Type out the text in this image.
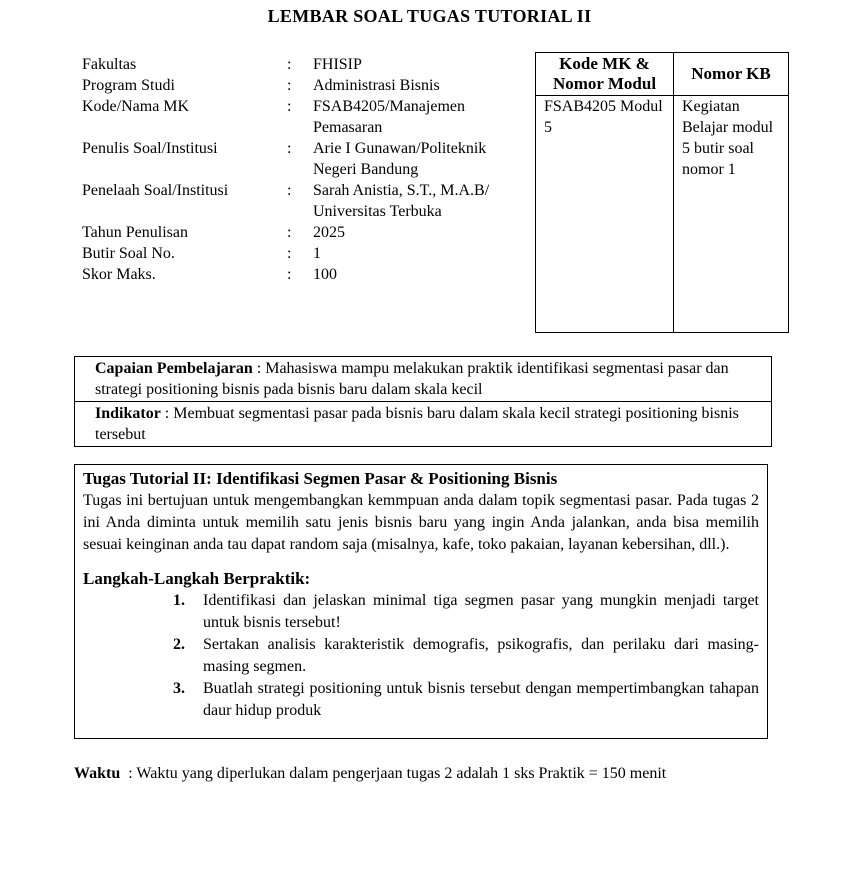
LEMBAR SOAL TUGAS TUTORIAL II
Fakultas	:	FHISIP
Program Studi	:	Administrasi Bisnis
Kode/Nama MK	:	FSAB4205/Manajemen Pemasaran
Penulis Soal/Institusi	:	Arie I Gunawan/Politeknik Negeri Bandung
Penelaah Soal/Institusi	:	Sarah Anistia, S.T., M.A.B/ Universitas Terbuka
Tahun Penulisan	:	2025
Butir Soal No.	:	1
Skor Maks.	:	100
Kode MK & Nomor Modul	Nomor KB
FSAB4205 Modul 5	Kegiatan Belajar modul 5 butir soal nomor 1
Capaian Pembelajaran : Mahasiswa mampu melakukan praktik identifikasi segmentasi pasar dan strategi positioning bisnis pada bisnis baru dalam skala kecil
Indikator : Membuat segmentasi pasar pada bisnis baru dalam skala kecil strategi positioning bisnis tersebut
Tugas Tutorial II: Identifikasi Segmen Pasar & Positioning Bisnis
Tugas ini bertujuan untuk mengembangkan kemmpuan anda dalam topik segmentasi pasar. Pada tugas 2 ini Anda diminta untuk memilih satu jenis bisnis baru yang ingin Anda jalankan, anda bisa memilih sesuai keinginan anda tau dapat random saja (misalnya, kafe, toko pakaian, layanan kebersihan, dll.).
Langkah-Langkah Berpraktik:
1.	Identifikasi dan jelaskan minimal tiga segmen pasar yang mungkin menjadi target untuk bisnis tersebut!
2.	Sertakan analisis karakteristik demografis, psikografis, dan perilaku dari masing-masing segmen.
3.	Buatlah strategi positioning untuk bisnis tersebut dengan mempertimbangkan tahapan daur hidup produk
Waktu  : Waktu yang diperlukan dalam pengerjaan tugas 2 adalah 1 sks Praktik = 150 menit
